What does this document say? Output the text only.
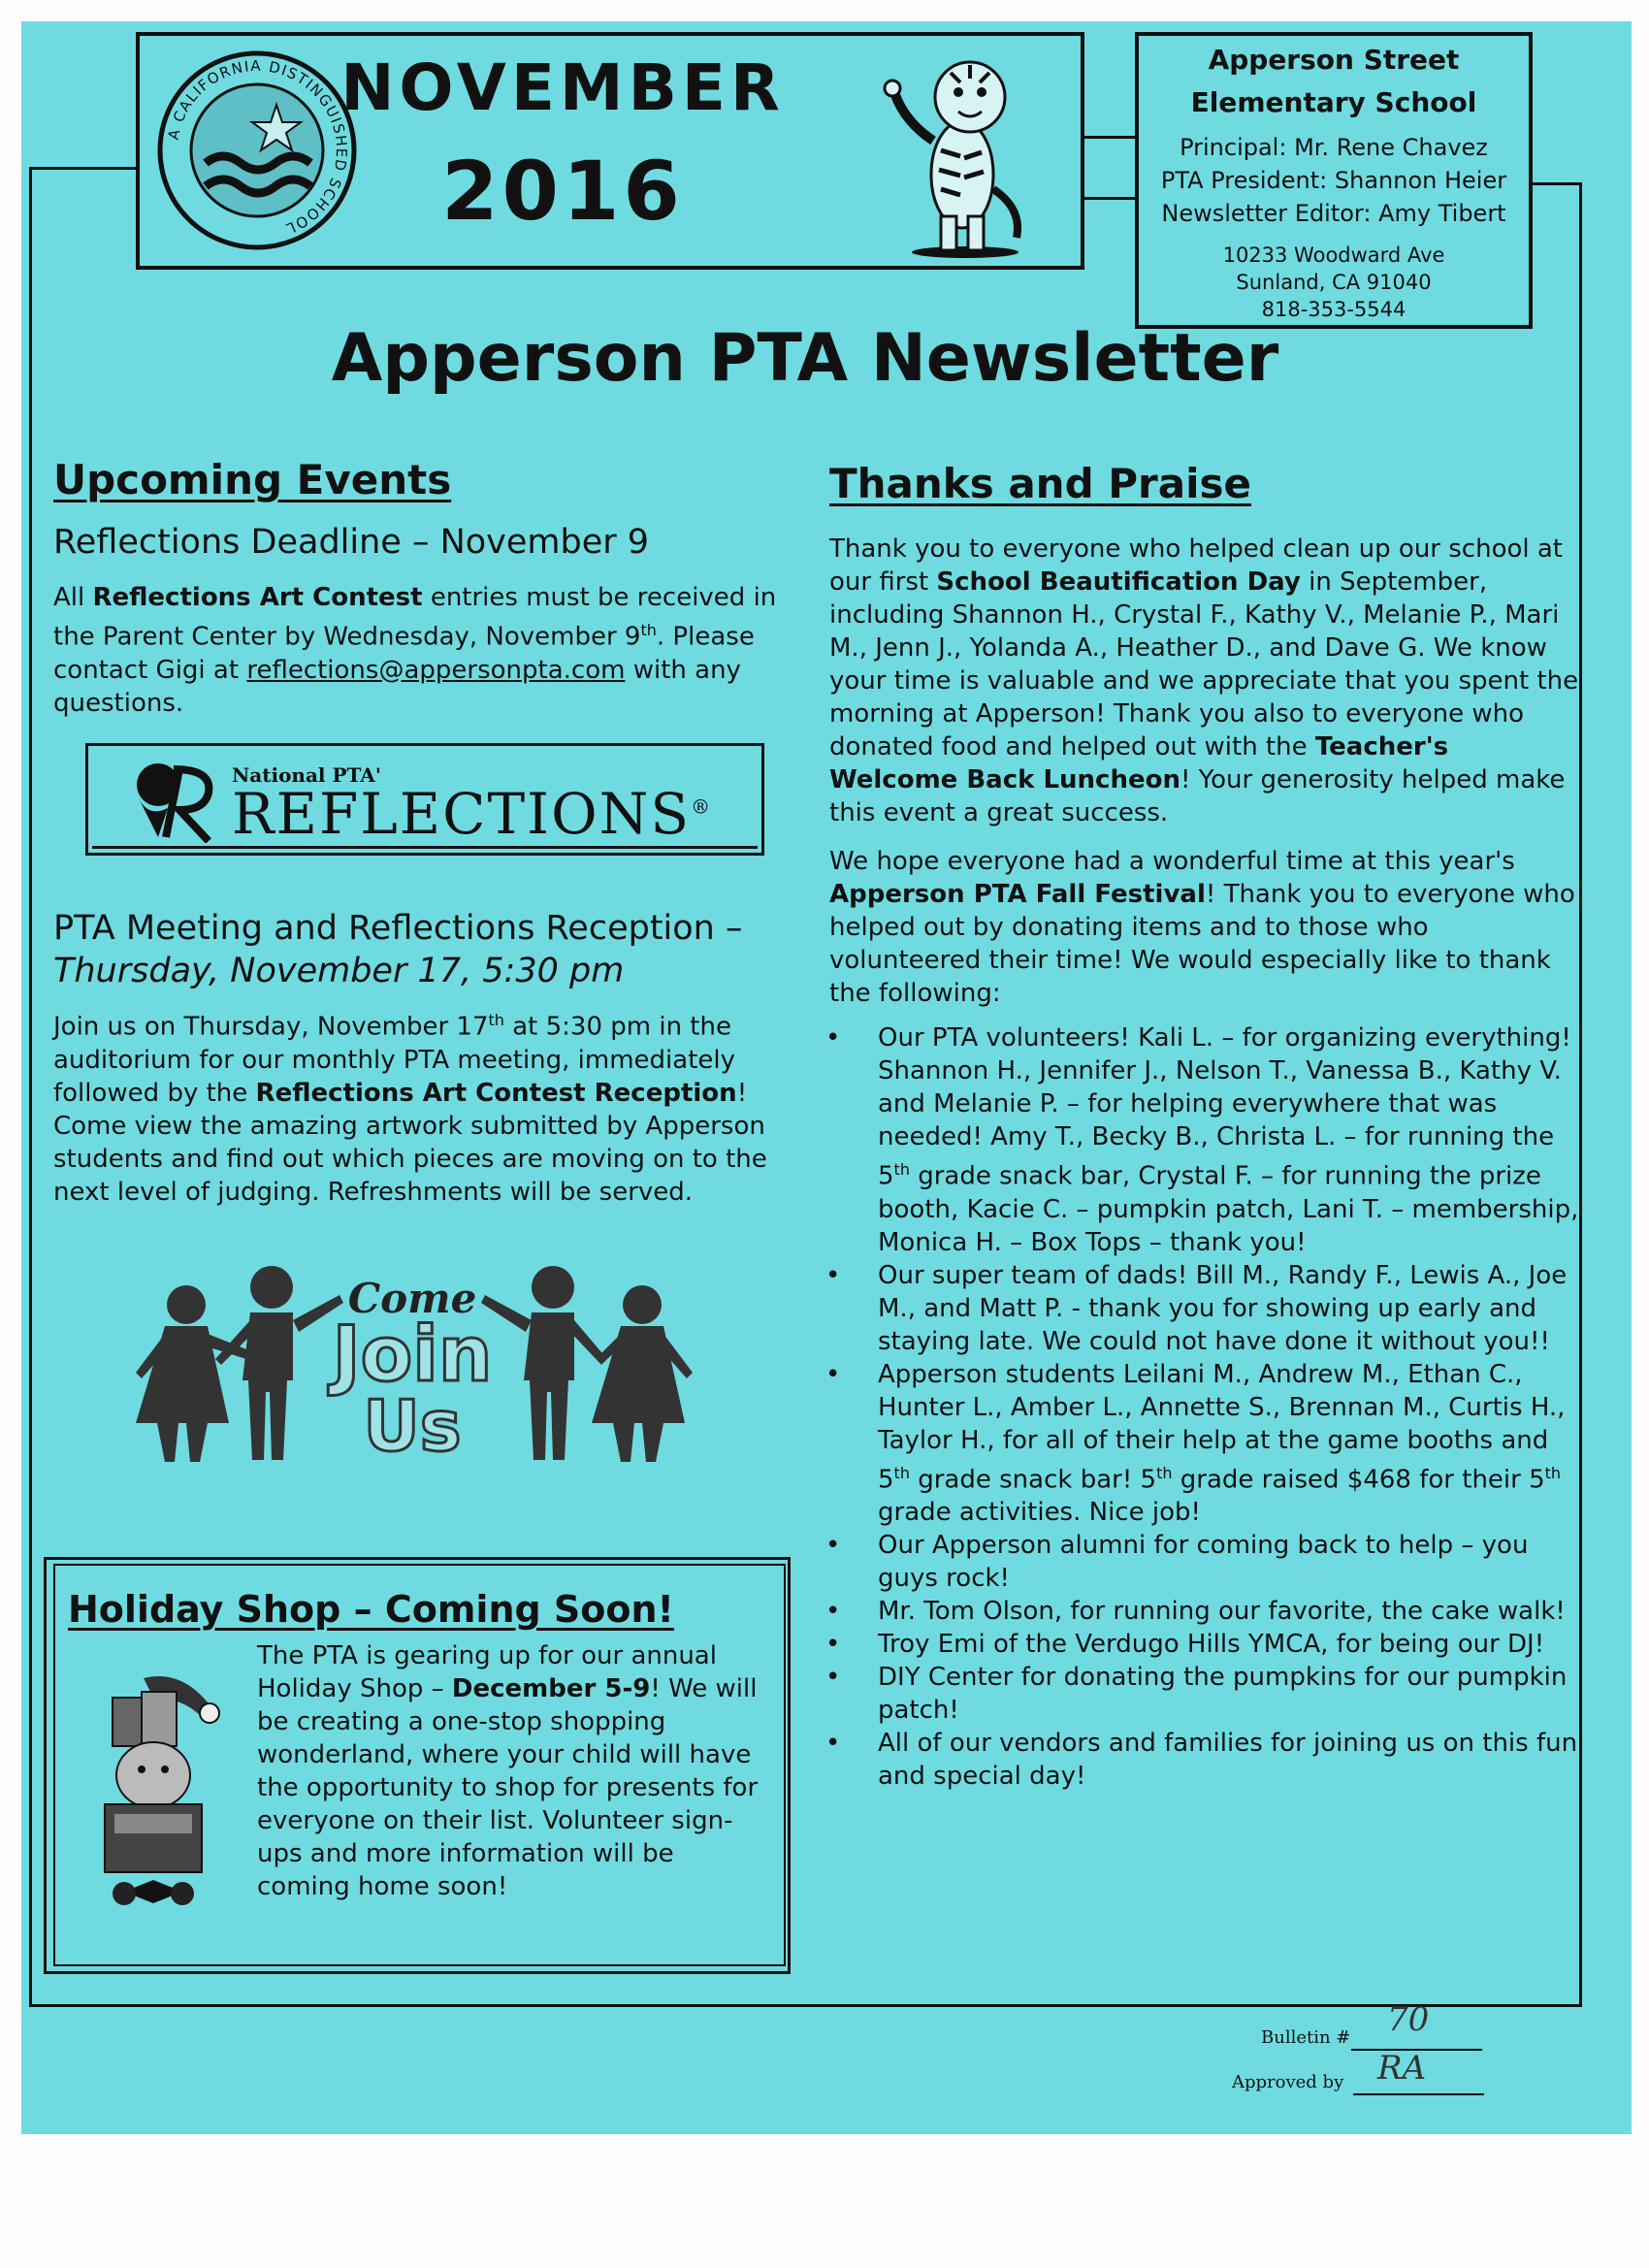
A CALIFORNIA DISTINGUISHED SCHOOL
NOVEMBER
2016
Apperson Street
Elementary School
Principal: Mr. Rene Chavez
PTA President: Shannon Heier
Newsletter Editor: Amy Tibert
10233 Woodward Ave
Sunland, CA 91040
818-353-5544
Apperson PTA Newsletter
Upcoming Events
Reflections Deadline – November 9
All Reflections Art Contest entries must be received in the Parent Center by Wednesday, November 9th. Please contact Gigi at reflections@appersonpta.com with any questions.
National PTA'
REFLECTIONS®
PTA Meeting and Reflections Reception –
Thursday, November 17, 5:30 pm
Join us on Thursday, November 17th at 5:30 pm in the auditorium for our monthly PTA meeting, immediately followed by the Reflections Art Contest Reception! Come view the amazing artwork submitted by Apperson students and find out which pieces are moving on to the next level of judging. Refreshments will be served.
Come
Join
Us
Holiday Shop – Coming Soon!
The PTA is gearing up for our annual Holiday Shop – December 5-9! We will be creating a one-stop shopping wonderland, where your child will have the opportunity to shop for presents for everyone on their list. Volunteer sign-ups and more information will be coming home soon!
Thanks and Praise
Thank you to everyone who helped clean up our school at our first School Beautification Day in September, including Shannon H., Crystal F., Kathy V., Melanie P., Mari M., Jenn J., Yolanda A., Heather D., and Dave G. We know your time is valuable and we appreciate that you spent the morning at Apperson! Thank you also to everyone who donated food and helped out with the Teacher's Welcome Back Luncheon! Your generosity helped make this event a great success.
We hope everyone had a wonderful time at this year's Apperson PTA Fall Festival! Thank you to everyone who helped out by donating items and to those who volunteered their time! We would especially like to thank the following:
• Our PTA volunteers! Kali L. – for organizing everything! Shannon H., Jennifer J., Nelson T., Vanessa B., Kathy V. and Melanie P. – for helping everywhere that was needed! Amy T., Becky B., Christa L. – for running the 5th grade snack bar, Crystal F. – for running the prize booth, Kacie C. – pumpkin patch, Lani T. – membership, Monica H. – Box Tops – thank you!
• Our super team of dads! Bill M., Randy F., Lewis A., Joe M., and Matt P. - thank you for showing up early and staying late. We could not have done it without you!!
• Apperson students Leilani M., Andrew M., Ethan C., Hunter L., Amber L., Annette S., Brennan M., Curtis H., Taylor H., for all of their help at the game booths and 5th grade snack bar! 5th grade raised $468 for their 5th grade activities. Nice job!
• Our Apperson alumni for coming back to help – you guys rock!
• Mr. Tom Olson, for running our favorite, the cake walk!
• Troy Emi of the Verdugo Hills YMCA, for being our DJ!
• DIY Center for donating the pumpkins for our pumpkin patch!
• All of our vendors and families for joining us on this fun and special day!
Bulletin # 70
Approved by RA
